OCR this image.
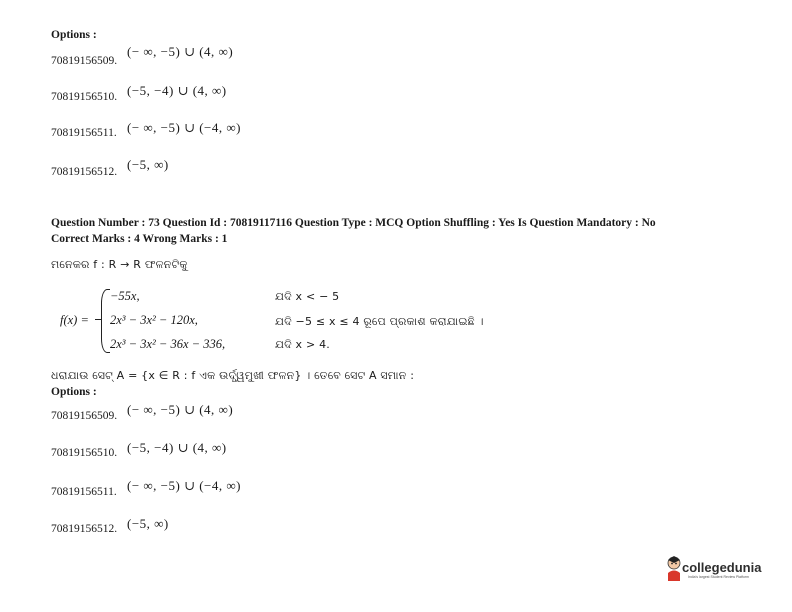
Options :
70819156509.
(− ∞, −5) ∪ (4, ∞)
70819156510. (−5, −4) ∪ (4, ∞)
70819156511. (− ∞, −5) ∪ (−4, ∞)
70819156512. (−5, ∞)
Question Number : 73 Question Id : 70819117116 Question Type : MCQ Option Shuffling : Yes Is Question Mandatory : No
Correct Marks : 4 Wrong Marks : 1
ମନେକର f : R → R ଫଳନଟିକୁ
f(x) =
−55x,	ଯଦି x < − 5
2x³ − 3x² − 120x,	ଯଦି −5 ≤ x ≤ 4 ରୂପେ ପ୍ରକାଶ କରାଯାଇଛି ।
2x³ − 3x² − 36x − 336,	ଯଦି x > 4.
ଧରାଯାଉ ସେଟ୍ A = {x ∈ R : f ଏକ ଉର୍ଦ୍ଧ୍ୱମୁଖୀ ଫଳନ} । ତେବେ ସେଟ A ସମାନ :
Options :
70819156509. (− ∞, −5) ∪ (4, ∞)
70819156510. (−5, −4) ∪ (4, ∞)
70819156511. (− ∞, −5) ∪ (−4, ∞)
70819156512. (−5, ∞)
collegedunia
India's largest Student Review Platform
